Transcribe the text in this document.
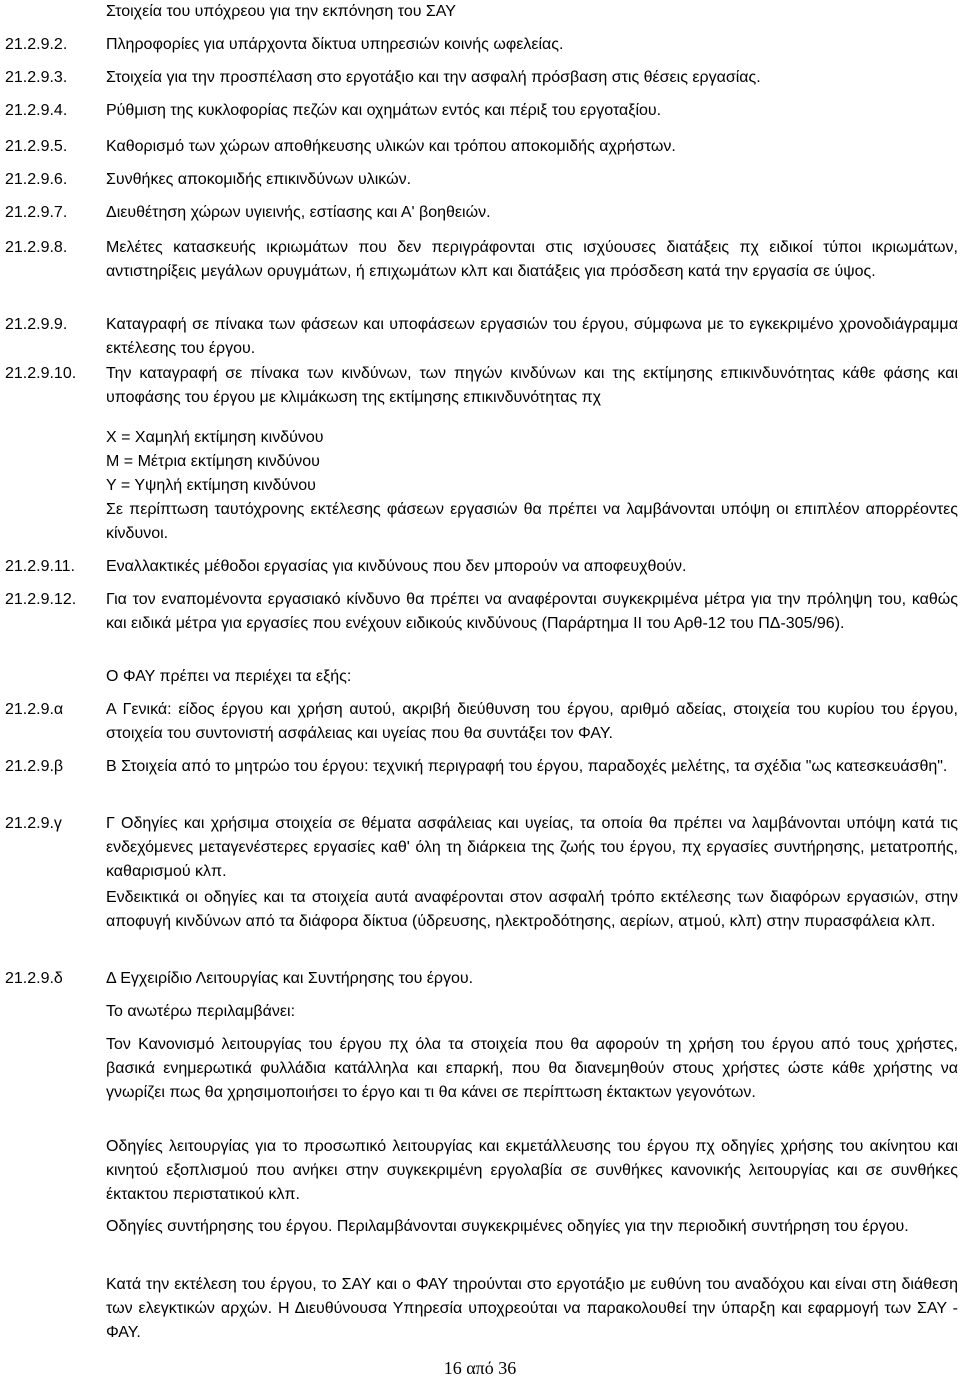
Στοιχεία του υπόχρεου για την εκπόνηση του ΣΑΥ
21.2.9.2. Πληροφορίες για υπάρχοντα δίκτυα υπηρεσιών κοινής ωφελείας.
21.2.9.3. Στοιχεία για την προσπέλαση στο εργοτάξιο και την ασφαλή πρόσβαση στις θέσεις εργασίας.
21.2.9.4. Ρύθμιση της κυκλοφορίας πεζών και οχημάτων εντός και πέριξ του εργοταξίου.
21.2.9.5. Καθορισμό των χώρων αποθήκευσης υλικών και τρόπου αποκομιδής αχρήστων.
21.2.9.6. Συνθήκες αποκομιδής επικινδύνων υλικών.
21.2.9.7. Διευθέτηση χώρων υγιεινής, εστίασης και Α' βοηθειών.
21.2.9.8. Μελέτες κατασκευής ικριωμάτων που δεν περιγράφονται στις ισχύουσες διατάξεις πχ ειδικοί τύποι ικριωμάτων, αντιστηρίξεις μεγάλων ορυγμάτων, ή επιχωμάτων κλπ και διατάξεις για πρόσδεση κατά την εργασία σε ύψος.
21.2.9.9. Καταγραφή σε πίνακα των φάσεων και υποφάσεων εργασιών του έργου, σύμφωνα με το εγκεκριμένο χρονοδιάγραμμα εκτέλεσης του έργου.
21.2.9.10. Την καταγραφή σε πίνακα των κινδύνων, των πηγών κινδύνων και της εκτίμησης επικινδυνότητας κάθε φάσης και υποφάσης του έργου με κλιμάκωση της εκτίμησης επικινδυνότητας πχ
Χ = Χαμηλή εκτίμηση κινδύνου
Μ = Μέτρια εκτίμηση κινδύνου
Υ = Υψηλή εκτίμηση κινδύνου
Σε περίπτωση ταυτόχρονης εκτέλεσης φάσεων εργασιών θα πρέπει να λαμβάνονται υπόψη οι επιπλέον απορρέοντες κίνδυνοι.
21.2.9.11. Εναλλακτικές μέθοδοι εργασίας για κινδύνους που δεν μπορούν να αποφευχθούν.
21.2.9.12. Για τον εναπομένοντα εργασιακό κίνδυνο θα πρέπει να αναφέρονται συγκεκριμένα μέτρα για την πρόληψη του, καθώς και ειδικά μέτρα για εργασίες που ενέχουν ειδικούς κινδύνους (Παράρτημα ΙΙ του Αρθ-12 του ΠΔ-305/96).
Ο ΦΑΥ πρέπει να περιέχει τα εξής:
21.2.9.α	Α Γενικά: είδος έργου και χρήση αυτού, ακριβή διεύθυνση του έργου, αριθμό αδείας, στοιχεία του κυρίου του έργου, στοιχεία του συντονιστή ασφάλειας και υγείας που θα συντάξει τον ΦΑΥ.
21.2.9.β	Β Στοιχεία από το μητρώο του έργου: τεχνική περιγραφή του έργου, παραδοχές μελέτης, τα σχέδια "ως κατεσκευάσθη".
21.2.9.γ	Γ Οδηγίες και χρήσιμα στοιχεία σε θέματα ασφάλειας και υγείας, τα οποία θα πρέπει να λαμβάνονται υπόψη κατά τις ενδεχόμενες μεταγενέστερες εργασίες καθ' όλη τη διάρκεια της ζωής του έργου, πχ εργασίες συντήρησης, μετατροπής, καθαρισμού κλπ.
Ενδεικτικά οι οδηγίες και τα στοιχεία αυτά αναφέρονται στον ασφαλή τρόπο εκτέλεσης των διαφόρων εργασιών, στην αποφυγή κινδύνων από τα διάφορα δίκτυα (ύδρευσης, ηλεκτροδότησης, αερίων, ατμού, κλπ) στην πυρασφάλεια κλπ.
21.2.9.δ	Δ Εγχειρίδιο Λειτουργίας και Συντήρησης του έργου.
Το ανωτέρω περιλαμβάνει:
Τον Κανονισμό λειτουργίας του έργου πχ όλα τα στοιχεία που θα αφορούν τη χρήση του έργου από τους χρήστες, βασικά ενημερωτικά φυλλάδια κατάλληλα και επαρκή, που θα διανεμηθούν στους χρήστες ώστε κάθε χρήστης να γνωρίζει πως θα χρησιμοποιήσει το έργο και τι θα κάνει σε περίπτωση έκτακτων γεγονότων.
Οδηγίες λειτουργίας για το προσωπικό λειτουργίας και εκμετάλλευσης του έργου πχ οδηγίες χρήσης του ακίνητου και κινητού εξοπλισμού που ανήκει στην συγκεκριμένη εργολαβία σε συνθήκες κανονικής λειτουργίας και σε συνθήκες έκτακτου περιστατικού κλπ.
Οδηγίες συντήρησης του έργου. Περιλαμβάνονται συγκεκριμένες οδηγίες για την περιοδική συντήρηση του έργου.
Κατά την εκτέλεση του έργου, το ΣΑΥ και ο ΦΑΥ τηρούνται στο εργοτάξιο με ευθύνη του αναδόχου και είναι στη διάθεση των ελεγκτικών αρχών. Η Διευθύνουσα Υπηρεσία υποχρεούται να παρακολουθεί την ύπαρξη και εφαρμογή των ΣΑΥ - ΦΑΥ.
16 από 36
